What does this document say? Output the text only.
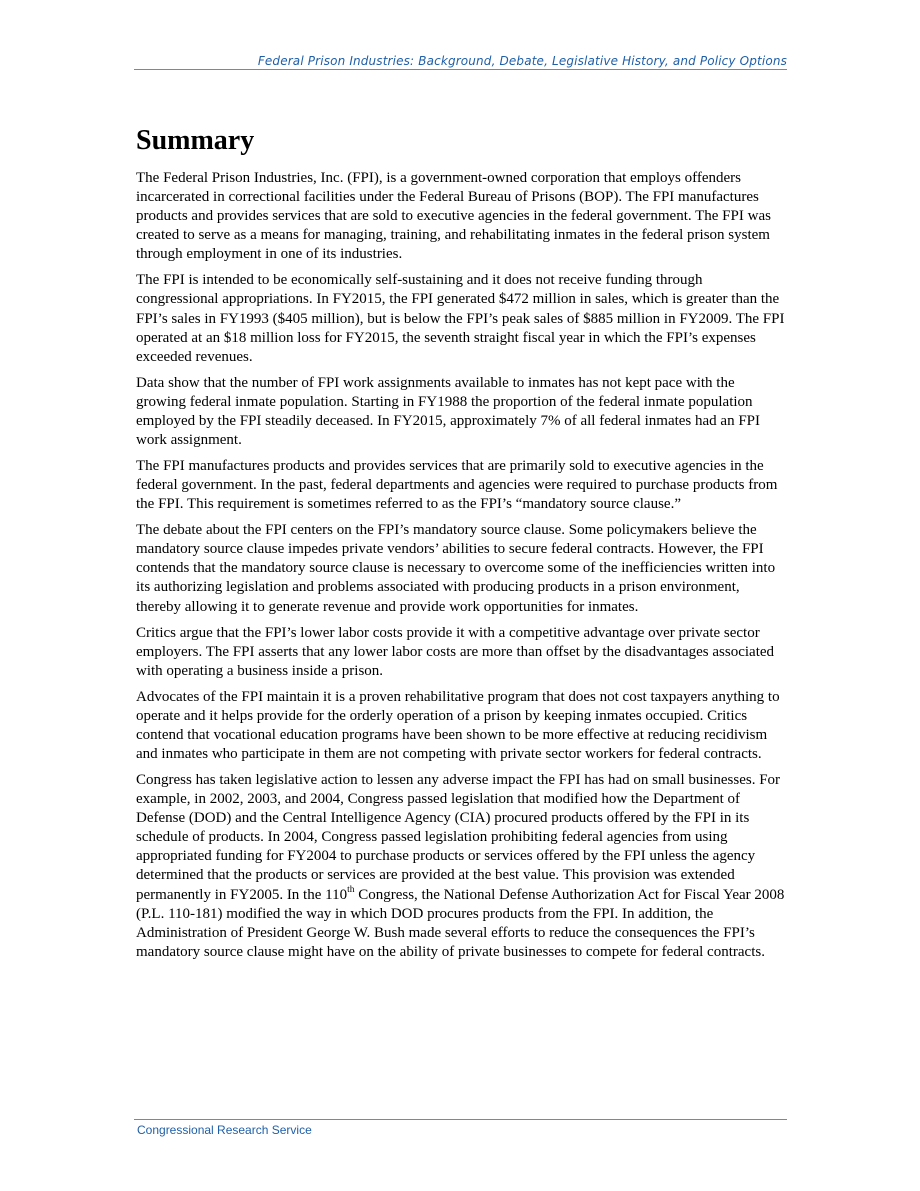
Federal Prison Industries: Background, Debate, Legislative History, and Policy Options
Summary

The Federal Prison Industries, Inc. (FPI), is a government-owned corporation that employs offenders incarcerated in correctional facilities under the Federal Bureau of Prisons (BOP). The FPI manufactures products and provides services that are sold to executive agencies in the federal government. The FPI was created to serve as a means for managing, training, and rehabilitating inmates in the federal prison system through employment in one of its industries.

The FPI is intended to be economically self-sustaining and it does not receive funding through congressional appropriations. In FY2015, the FPI generated $472 million in sales, which is greater than the FPI’s sales in FY1993 ($405 million), but is below the FPI’s peak sales of $885 million in FY2009. The FPI operated at an $18 million loss for FY2015, the seventh straight fiscal year in which the FPI’s expenses exceeded revenues.

Data show that the number of FPI work assignments available to inmates has not kept pace with the growing federal inmate population. Starting in FY1988 the proportion of the federal inmate population employed by the FPI steadily deceased. In FY2015, approximately 7% of all federal inmates had an FPI work assignment.

The FPI manufactures products and provides services that are primarily sold to executive agencies in the federal government. In the past, federal departments and agencies were required to purchase products from the FPI. This requirement is sometimes referred to as the FPI’s “mandatory source clause.”

The debate about the FPI centers on the FPI’s mandatory source clause. Some policymakers believe the mandatory source clause impedes private vendors’ abilities to secure federal contracts. However, the FPI contends that the mandatory source clause is necessary to overcome some of the inefficiencies written into its authorizing legislation and problems associated with producing products in a prison environment, thereby allowing it to generate revenue and provide work opportunities for inmates.

Critics argue that the FPI’s lower labor costs provide it with a competitive advantage over private sector employers. The FPI asserts that any lower labor costs are more than offset by the disadvantages associated with operating a business inside a prison.

Advocates of the FPI maintain it is a proven rehabilitative program that does not cost taxpayers anything to operate and it helps provide for the orderly operation of a prison by keeping inmates occupied. Critics contend that vocational education programs have been shown to be more effective at reducing recidivism and inmates who participate in them are not competing with private sector workers for federal contracts.

Congress has taken legislative action to lessen any adverse impact the FPI has had on small businesses. For example, in 2002, 2003, and 2004, Congress passed legislation that modified how the Department of Defense (DOD) and the Central Intelligence Agency (CIA) procured products offered by the FPI in its schedule of products. In 2004, Congress passed legislation prohibiting federal agencies from using appropriated funding for FY2004 to purchase products or services offered by the FPI unless the agency determined that the products or services are provided at the best value. This provision was extended permanently in FY2005. In the 110th Congress, the National Defense Authorization Act for Fiscal Year 2008 (P.L. 110-181) modified the way in which DOD procures products from the FPI. In addition, the Administration of President George W. Bush made several efforts to reduce the consequences the FPI’s mandatory source clause might have on the ability of private businesses to compete for federal contracts.

Congressional Research Service
